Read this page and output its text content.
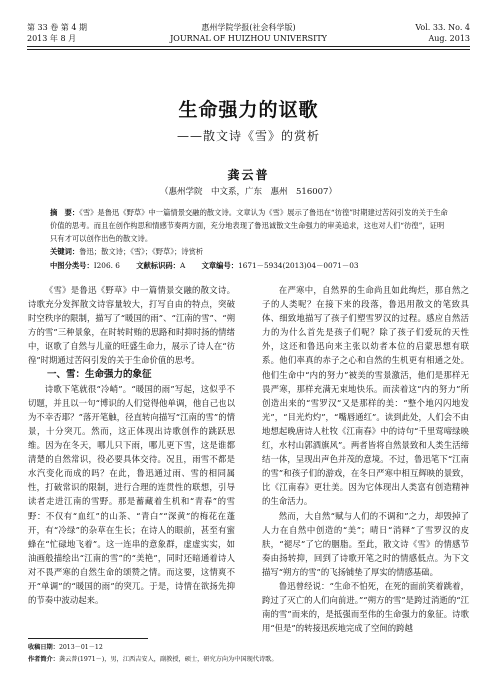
第 33 卷 第 4 期
2013 年 8 月
惠州学院学报(社会科学版)
JOURNAL OF HUIZHOU UNIVERSITY
Vol. 33. No. 4
Aug. 2013
生命强力的讴歌
——散文诗《雪》的赏析
龚云普
（惠州学院　中文系，广东　惠州　516007）
摘　要：《雪》是鲁迅《野草》中一篇情景交融的散文诗。文章认为《雪》展示了鲁迅在“彷徨”时期建过苦闷引发的关于生命价值的思考。而且在创作构思和情感节奏两方面，充分地表现了鲁迅诚散文生命强力的审美追求，这也对人们“彷徨”，证明只有才可以创作出色的散文诗。
关键词：鲁迅；散文诗；《雪》；《野草》；诗赏析
中图分类号：I206. 6 文献标识码：A 文章编号：1671－5934(2013)04－0071－03

《雪》是鲁迅《野草》中一篇情景交融的散文诗。诗歌充分发挥散文诗容量较大，打写自由的特点，突破时空秩序的限制，描写了“暖国的雨”、“江南的雪”、“朔方的雪”三种景象，在时转时贿的思路和时抑时扬的情绪中，讴歌了自然与儿童的旺盛生命力，展示了诗人在“彷徨”时期通过苦闷引发的关于生命价值的思考。

一、雪：生命强力的象征

诗歌下笔就很“冷峭”。“暖国的雨”写起，这似乎不切题，并且以一句“博识的人们觉得他单调，他自己也以为不幸否耶？”落开笔触，径直转向描写“江南的雪”的情景，十分突兀。然而，这正体现出诗歌创作的跳跃思维。因为在冬天，哪儿只下雨，哪儿更下雪，这是谁都清楚的自然常识，役必要具体交待。况且，雨雪不都是水汽变化而成的吗？在此，鲁迅通过雨、雪的相同属性，打破常识的限制，进行合理的连贯性的联想，引导读者走进江南的雪野。那是蓄藏着生机和“青春”的雪野：不仅有“血红”的山茶、“青白”“深黄”的梅花在蓬开，有“冷绿”的杂草在生长；在诗人的眼前，甚至有蜜蜂在“忙碌地飞着”。这一连串的意象群，虚虚实实，如油画般描绘出“江南的雪”的“美艳”，同时还暗通着诗人对不畏严寒的自然生命的颂赞之情。而这要，这情爽不开“单调”的“暖国的雨”的突兀。于是，诗情在欲扬先抑的节奏中波动起来。

在严寒中，自然界的生命尚且如此绚烂，那自然之子的人类呢？在接下来的段落，鲁迅用散文的笔致具体、细致地描写了孩子们塑雪罗汉的过程。感应自然活力的为什么首先是孩子们呢？除了孩子们爱玩的天性外，这还和鲁迅向来主张以幼者本位的启蒙思想有联系。他们率真的赤子之心和自然的生机更有相通之处。他们生命中“内的努力”被美的雪景激活，他们是那样无畏严寒，那样充满无束地快乐。而渎着这“内的努力”所创造出来的“雪罗汉”又是那样的美：“整个地闪闪地发光”，“目光灼灼”，“嘴唇通红”。读到此处，人们会不由地想起晚唐诗人杜牧《江南春》中的诗句“千里莺啼绿映红，水村山郭酒旗风”。两者皆将自然景致和人类生活缔结一体，呈现出声色并茂的意境。不过，鲁迅笔下“江南的雪”和孩子们的游戏，在冬日严寒中相互辉映的景致，比《江南春》更壮美。因为它体现出人类富有创造精神的生命活力。

然而，大自然“赋与人们的不调和”之力，却毁掉了人力在自然中创造的“美”；晴日“消释”了雪罗汉的皮肤，“褪尽”了它的胭脂。至此，散文诗《雪》的情感节奏由扬转抑，回到了诗歌开笔之时的情感低点。为下文描写“朔方的雪”的飞扬铺垫了厚实的情感基础。

鲁迅曾经说：“生命不怕死，在死的面前笑着跳着，跨过了灭亡的人们向前进。”“朔方的雪”是跨过消逝的“江南的雪”而来的，是抵强而至伟的生命强力的象征。诗歌用“但是”的转接迅疾地完成了空间的跨越

收稿日期：2013－01－12
作者简介：龚云普(1971－)，男，江西吉安人，副教授，硕士，研究方向为中国现代诗歌。
